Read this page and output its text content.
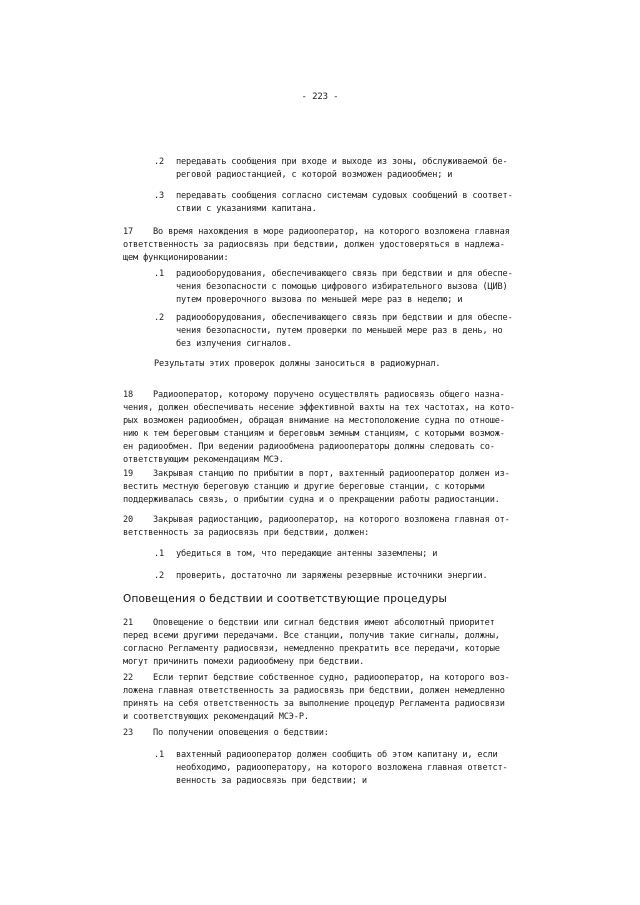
- 223 -
.2 передавать сообщения при входе и выходе из зоны, обслуживаемой бе-
реговой радиостанцией, с которой возможен радиообмен; и
.3 передавать сообщения согласно системам судовых сообщений в соответ-
ствии с указаниями капитана.
17	Во время нахождения в море радиооператор, на которого возложена главная
ответственность за радиосвязь при бедствии, должен удостоверяться в надлежа-
щем функционировании:
.1 радиооборудования, обеспечивающего связь при бедствии и для обеспе-
чения безопасности с помощью цифрового избирательного вызова (ЦИВ)
путем проверочного вызова по меньшей мере раз в неделю; и
.2 радиооборудования, обеспечивающего связь при бедствии и для обеспе-
чения безопасности, путем проверки по меньшей мере раз в день, но
без излучения сигналов.
Результаты этих проверок должны заноситься в радиожурнал.
18	Радиооператор, которому поручено осуществлять радиосвязь общего назна-
чения, должен обеспечивать несение эффективной вахты на тех частотах, на кото-
рых возможен радиообмен, обращая внимание на местоположение судна по отноше-
нию к тем береговым станциям и береговым земным станциям, с которыми возмож-
ен радиообмен. При ведении радиообмена радиооператоры должны следовать со-
ответствующим рекомендациям МСЭ.
19	Закрывая станцию по прибытии в порт, вахтенный радиооператор должен из-
вестить местную береговую станцию и другие береговые станции, с которыми
поддерживалась связь, о прибытии судна и о прекращении работы радиостанции.
20	Закрывая радиостанцию, радиооператор, на которого возложена главная от-
ветственность за радиосвязь при бедствии, должен:
.1 убедиться в том, что передающие антенны заземлены; и
.2 проверить, достаточно ли заряжены резервные источники энергии.
Оповещения о бедствии и соответствующие процедуры
21	Оповещение о бедствии или сигнал бедствия имеют абсолютный приоритет
перед всеми другими передачами. Все станции, получив такие сигналы, должны,
согласно Регламенту радиосвязи, немедленно прекратить все передачи, которые
могут причинить помехи радиообмену при бедствии.
22	Если терпит бедствие собственное судно, радиооператор, на которого воз-
ложена главная ответственность за радиосвязь при бедствии, должен немедленно
принять на себя ответственность за выполнение процедур Регламента радиосвязи
и соответствующих рекомендаций МСЭ-Р.
23	По получении оповещения о бедствии:
.1 вахтенный радиооператор должен сообщить об этом капитану и, если
необходимо, радиооператору, на которого возложена главная ответст-
венность за радиосвязь при бедствии; и
